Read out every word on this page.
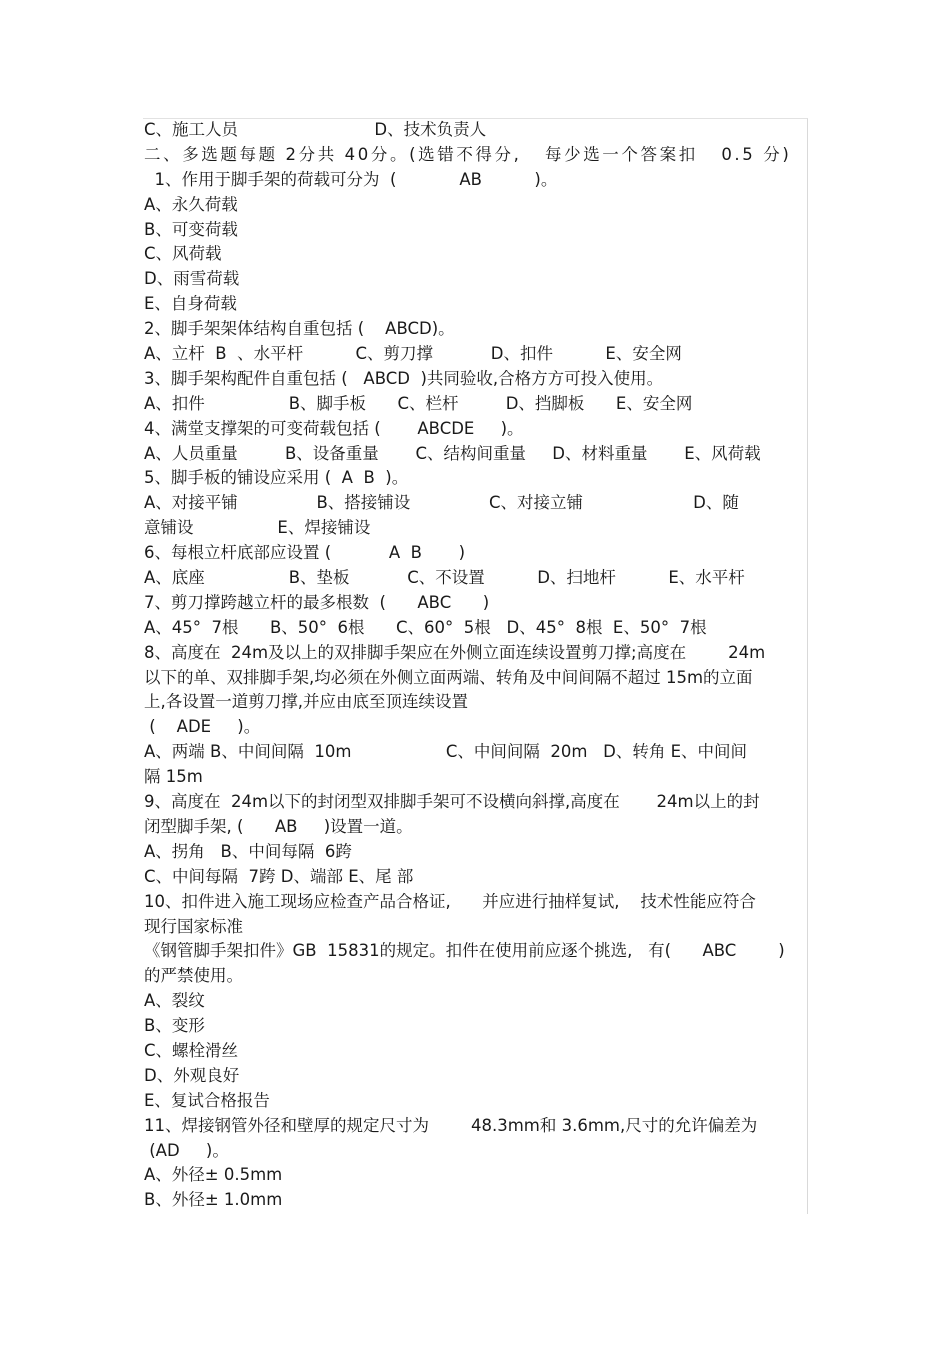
C、施工人员                          D、技术负责人
二、多选题每题 2分共 40分。(选错不得分,   每少选一个答案扣   0.5 分)
1、作用于脚手架的荷载可分为  (            AB          )。
A、永久荷载
B、可变荷载
C、风荷载
D、雨雪荷载
E、自身荷载
2、脚手架架体结构自重包括 (    ABCD)。
A、立杆  B  、水平杆          C、剪刀撑           D、扣件          E、安全网
3、脚手架构配件自重包括 (   ABCD  )共同验收,合格方方可投入使用。
A、扣件                B、脚手板      C、栏杆         D、挡脚板      E、安全网
4、满堂支撑架的可变荷载包括 (       ABCDE     )。
A、人员重量         B、设备重量       C、结构间重量     D、材料重量       E、风荷载
5、脚手板的铺设应采用 (  A  B  )。
A、对接平铺               B、搭接铺设               C、对接立铺                     D、随
意铺设                E、焊接铺设
6、每根立杆底部应设置 (           A  B       )
A、底座                B、垫板           C、不设置          D、扫地杆          E、水平杆
7、剪刀撑跨越立杆的最多根数  (      ABC      )
A、45°  7根      B、50°  6根      C、60°  5根   D、45°  8根  E、50°  7根
8、高度在  24m及以上的双排脚手架应在外侧立面连续设置剪刀撑;高度在        24m
以下的单、双排脚手架,均必须在外侧立面两端、转角及中间间隔不超过 15m的立面
上,各设置一道剪刀撑,并应由底至顶连续设置
(    ADE     )。
A、两端 B、中间间隔  10m                  C、中间间隔  20m   D、转角 E、中间间
隔 15m
9、高度在  24m以下的封闭型双排脚手架可不设横向斜撑,高度在       24m以上的封
闭型脚手架, (      AB     )设置一道。
A、拐角   B、中间每隔  6跨
C、中间每隔  7跨 D、端部 E、尾 部
10、扣件进入施工现场应检查产品合格证,      并应进行抽样复试,    技术性能应符合
现行国家标准
《钢管脚手架扣件》GB  15831的规定。扣件在使用前应逐个挑选,   有(      ABC        )
的严禁使用。
A、裂纹
B、变形
C、螺栓滑丝
D、外观良好
E、复试合格报告
11、焊接钢管外径和壁厚的规定尺寸为        48.3mm和 3.6mm,尺寸的允许偏差为
(AD     )。
A、外径± 0.5mm
B、外径± 1.0mm
